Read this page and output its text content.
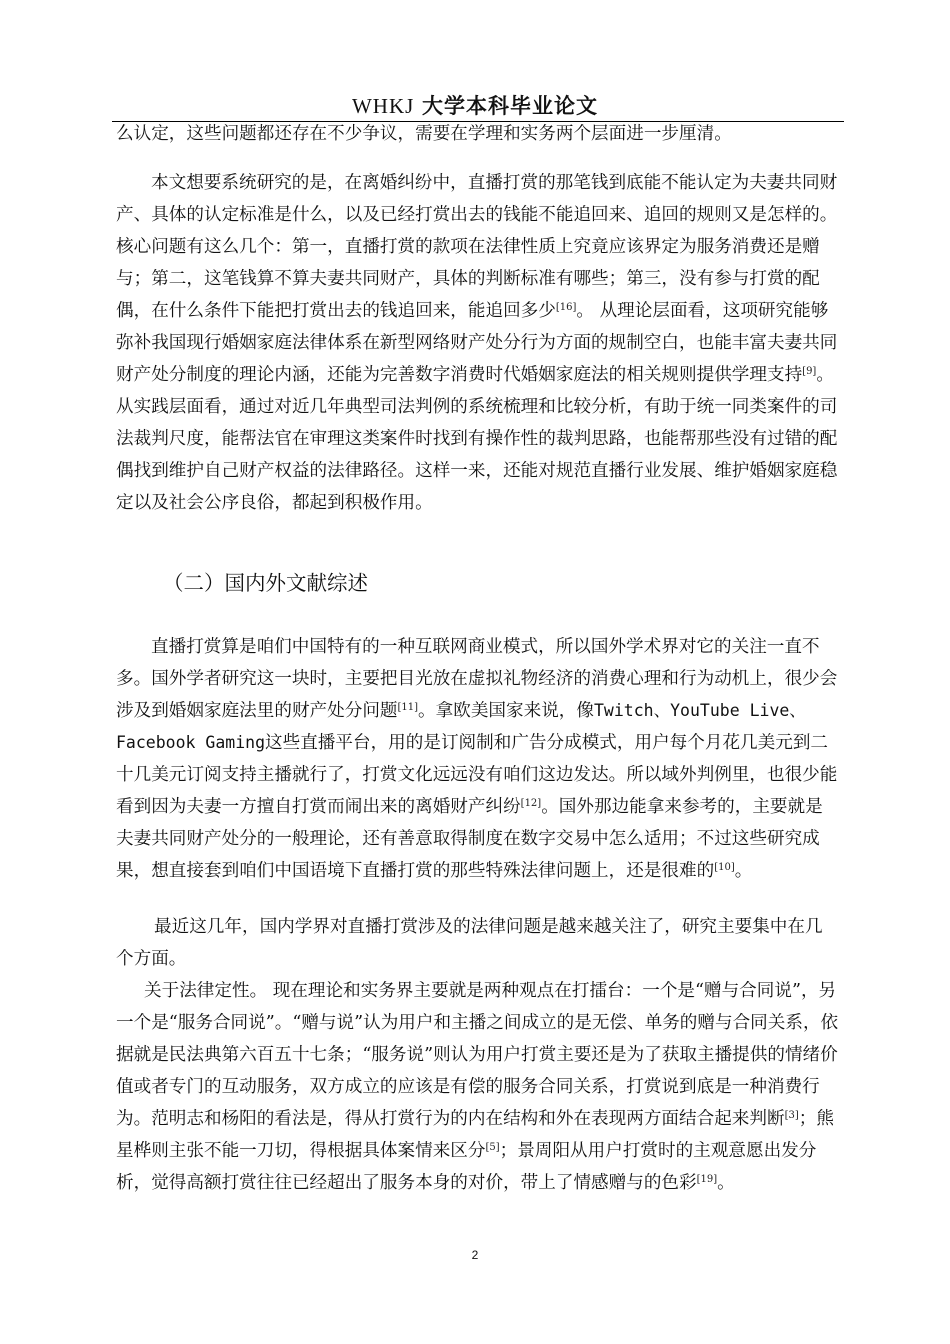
WHKJ 大学本科毕业论文

么认定，这些问题都还存在不少争议，需要在学理和实务两个层面进一步厘清。

本文想要系统研究的是，在离婚纠纷中，直播打赏的那笔钱到底能不能认定为夫妻共同财产、具体的认定标准是什么，以及已经打赏出去的钱能不能追回来、追回的规则又是怎样的。核心问题有这么几个：第一，直播打赏的款项在法律性质上究竟应该界定为服务消费还是赠与；第二，这笔钱算不算夫妻共同财产，具体的判断标准有哪些；第三，没有参与打赏的配偶，在什么条件下能把打赏出去的钱追回来，能追回多少[16]。 从理论层面看，这项研究能够弥补我国现行婚姻家庭法律体系在新型网络财产处分行为方面的规制空白，也能丰富夫妻共同财产处分制度的理论内涵，还能为完善数字消费时代婚姻家庭法的相关规则提供学理支持[9]。从实践层面看，通过对近几年典型司法判例的系统梳理和比较分析，有助于统一同类案件的司法裁判尺度，能帮法官在审理这类案件时找到有操作性的裁判思路，也能帮那些没有过错的配偶找到维护自己财产权益的法律路径。这样一来，还能对规范直播行业发展、维护婚姻家庭稳定以及社会公序良俗，都起到积极作用。

（二）国内外文献综述

直播打赏算是咱们中国特有的一种互联网商业模式，所以国外学术界对它的关注一直不多。国外学者研究这一块时，主要把目光放在虚拟礼物经济的消费心理和行为动机上，很少会涉及到婚姻家庭法里的财产处分问题[11]。拿欧美国家来说，像Twitch、YouTube Live、Facebook Gaming这些直播平台，用的是订阅制和广告分成模式，用户每个月花几美元到二十几美元订阅支持主播就行了，打赏文化远远没有咱们这边发达。所以域外判例里，也很少能看到因为夫妻一方擅自打赏而闹出来的离婚财产纠纷[12]。国外那边能拿来参考的，主要就是夫妻共同财产处分的一般理论，还有善意取得制度在数字交易中怎么适用；不过这些研究成果，想直接套到咱们中国语境下直播打赏的那些特殊法律问题上，还是很难的[10]。

最近这几年，国内学界对直播打赏涉及的法律问题是越来越关注了，研究主要集中在几个方面。

关于法律定性。 现在理论和实务界主要就是两种观点在打擂台：一个是“赠与合同说”，另一个是“服务合同说”。“赠与说”认为用户和主播之间成立的是无偿、单务的赠与合同关系，依据就是民法典第六百五十七条；“服务说”则认为用户打赏主要还是为了获取主播提供的情绪价值或者专门的互动服务，双方成立的应该是有偿的服务合同关系，打赏说到底是一种消费行为。范明志和杨阳的看法是，得从打赏行为的内在结构和外在表现两方面结合起来判断[3]；熊星桦则主张不能一刀切，得根据具体案情来区分[5]；景周阳从用户打赏时的主观意愿出发分析，觉得高额打赏往往已经超出了服务本身的对价，带上了情感赠与的色彩[19]。

2
